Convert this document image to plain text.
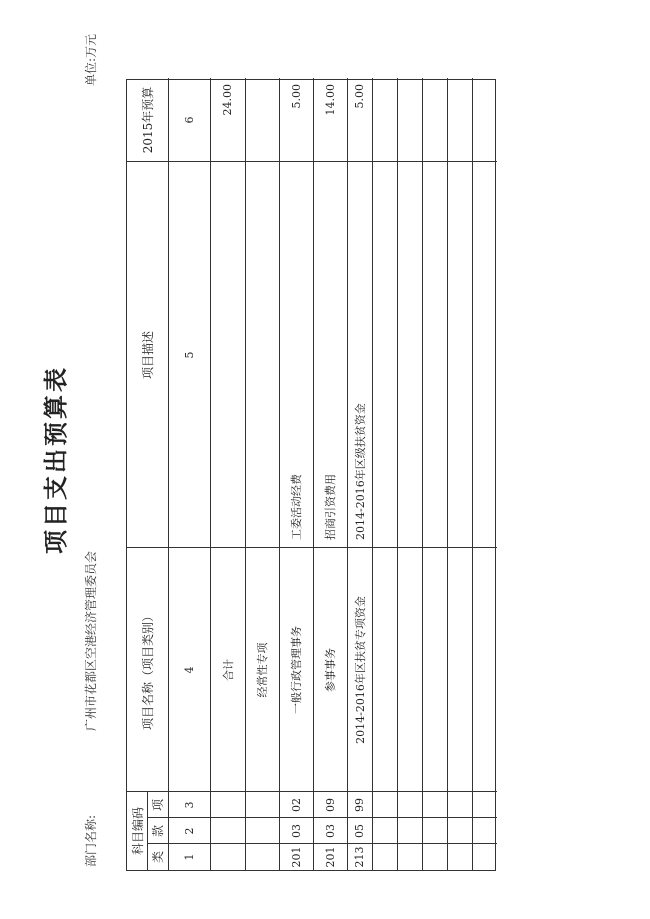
项目支出预算表
部门名称:
广州市花都区空港经济管理委员会
单位:万元
科目编码
类
款
项
项目名称（项目类别）
项目描述
2015年预算
1
2
3
4
5
6
合计
24.00
经常性专项
201
03
02
一般行政管理事务
工委活动经费
5.00
201
03
09
参事事务
招商引资费用
14.00
213
05
99
2014-2016年区扶贫专项资金
2014-2016年区级扶贫资金
5.00
